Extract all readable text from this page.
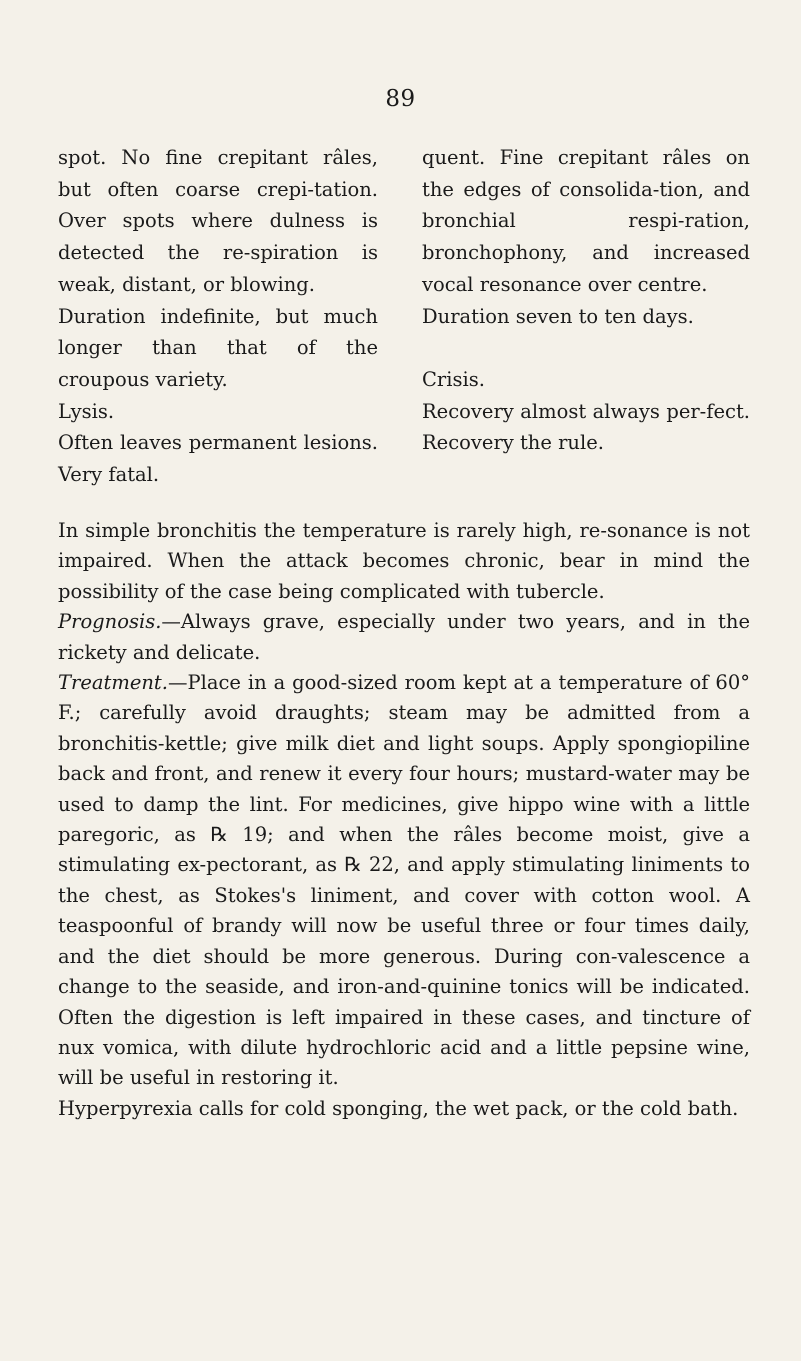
89

spot. No fine crepitant râles, but often coarse crepi-tation. Over spots where dulness is detected the re-spiration is weak, distant, or blowing.

Duration indefinite, but much longer than that of the croupous variety.

Lysis.

Often leaves permanent lesions. Very fatal.

quent. Fine crepitant râles on the edges of consolida-tion, and bronchial respi-ration, bronchophony, and increased vocal resonance over centre.

Duration seven to ten days.

Crisis.

Recovery almost always per-fect. Recovery the rule.

In simple bronchitis the temperature is rarely high, re-sonance is not impaired. When the attack becomes chronic, bear in mind the possibility of the case being complicated with tubercle.

Prognosis.—Always grave, especially under two years, and in the rickety and delicate.

Treatment.—Place in a good-sized room kept at a temperature of 60° F.; carefully avoid draughts; steam may be admitted from a bronchitis-kettle; give milk diet and light soups. Apply spongiopiline back and front, and renew it every four hours; mustard-water may be used to damp the lint. For medicines, give hippo wine with a little paregoric, as ℞ 19; and when the râles become moist, give a stimulating ex-pectorant, as ℞ 22, and apply stimulating liniments to the chest, as Stokes's liniment, and cover with cotton wool. A teaspoonful of brandy will now be useful three or four times daily, and the diet should be more generous. During con-valescence a change to the seaside, and iron-and-quinine tonics will be indicated. Often the digestion is left impaired in these cases, and tincture of nux vomica, with dilute hydrochloric acid and a little pepsine wine, will be useful in restoring it.

Hyperpyrexia calls for cold sponging, the wet pack, or the cold bath.
